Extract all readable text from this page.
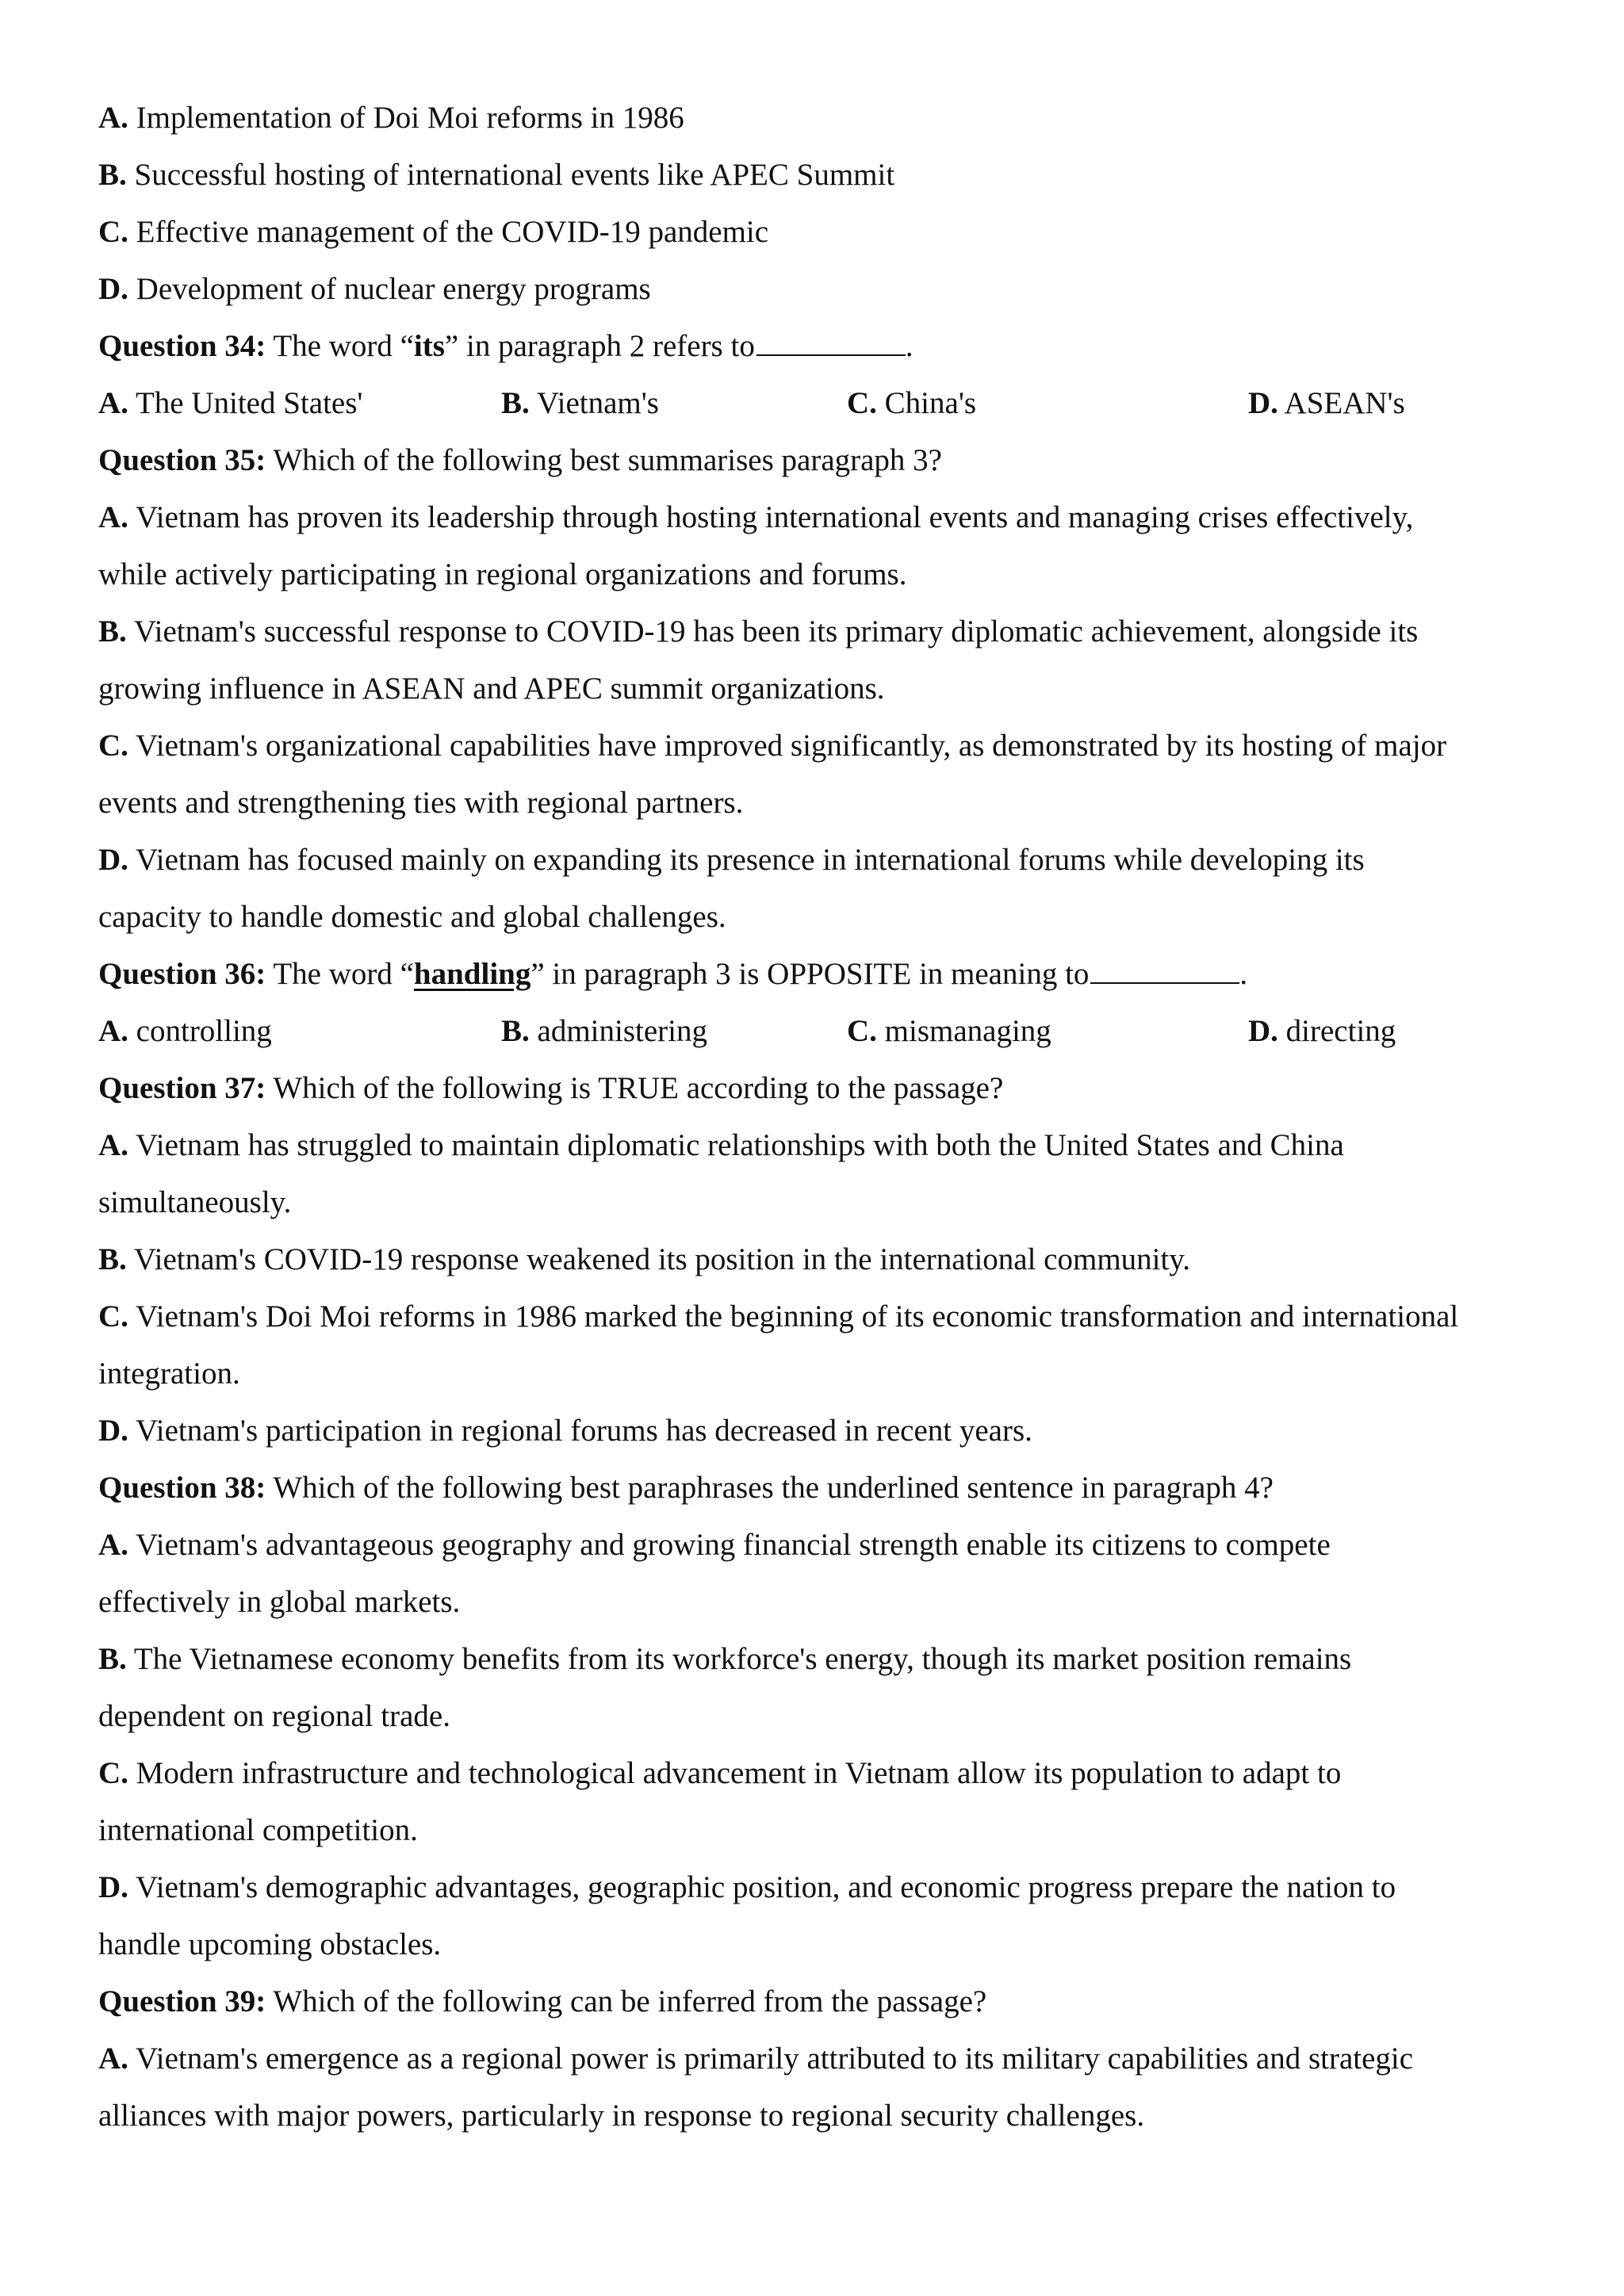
A. Implementation of Doi Moi reforms in 1986
B. Successful hosting of international events like APEC Summit
C. Effective management of the COVID-19 pandemic
D. Development of nuclear energy programs
Question 34: The word “its” in paragraph 2 refers to	.
A. The United States'	B. Vietnam's	C. China's	D. ASEAN's
Question 35: Which of the following best summarises paragraph 3?
A. Vietnam has proven its leadership through hosting international events and managing crises effectively,
while actively participating in regional organizations and forums.
B. Vietnam's successful response to COVID-19 has been its primary diplomatic achievement, alongside its
growing influence in ASEAN and APEC summit organizations.
C. Vietnam's organizational capabilities have improved significantly, as demonstrated by its hosting of major
events and strengthening ties with regional partners.
D. Vietnam has focused mainly on expanding its presence in international forums while developing its
capacity to handle domestic and global challenges.
Question 36: The word “handling” in paragraph 3 is OPPOSITE in meaning to	.
A. controlling	B. administering	C. mismanaging	D. directing
Question 37: Which of the following is TRUE according to the passage?
A. Vietnam has struggled to maintain diplomatic relationships with both the United States and China
simultaneously.
B. Vietnam's COVID-19 response weakened its position in the international community.
C. Vietnam's Doi Moi reforms in 1986 marked the beginning of its economic transformation and international
integration.
D. Vietnam's participation in regional forums has decreased in recent years.
Question 38: Which of the following best paraphrases the underlined sentence in paragraph 4?
A. Vietnam's advantageous geography and growing financial strength enable its citizens to compete
effectively in global markets.
B. The Vietnamese economy benefits from its workforce's energy, though its market position remains
dependent on regional trade.
C. Modern infrastructure and technological advancement in Vietnam allow its population to adapt to
international competition.
D. Vietnam's demographic advantages, geographic position, and economic progress prepare the nation to
handle upcoming obstacles.
Question 39: Which of the following can be inferred from the passage?
A. Vietnam's emergence as a regional power is primarily attributed to its military capabilities and strategic
alliances with major powers, particularly in response to regional security challenges.
